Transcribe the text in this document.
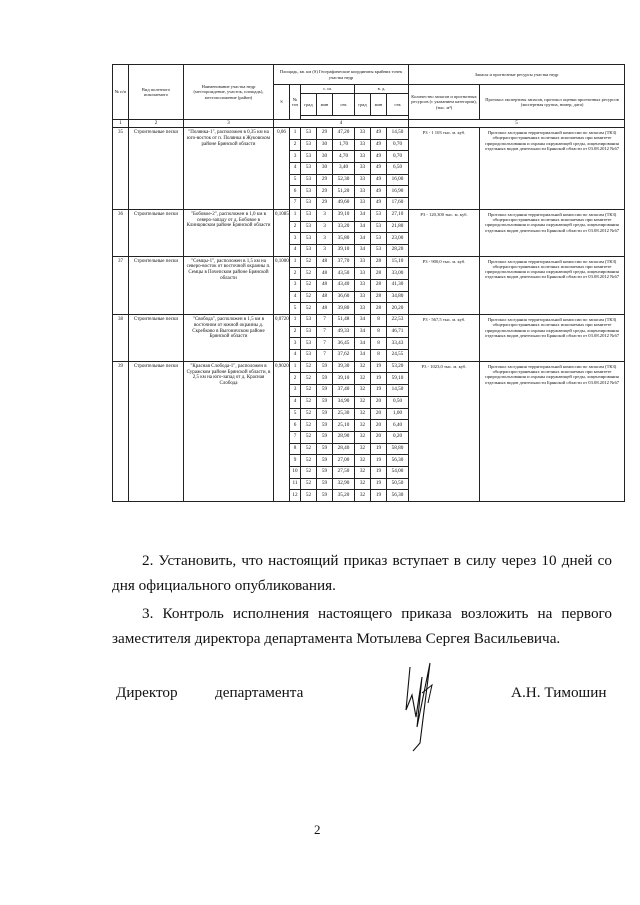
№ п/п	Вид полезного ископаемого	Наименование участка недр (месторождение, участок, площадь), местоположение (район)	Площадь, кв. км (S) Географические координаты крайних точек участка недр								Запасы и прогнозные ресурсы участка недр	
			S	№ точ	с. ш.			в. д.			Количество запасов и прогнозных ресурсов (с указанием категории), (тыс. м³)	Протокол экспертизы запасов, протокол оценки прогнозных ресурсов (экспертная группа, номер, дата)
					град	мин	сек	град	мин	сек		

1	2	3	4								5	
35	Строительные пески	"Полянка-1", расположен в 0,35 км на юго-восток от п. Полянка в Жуковском районе Брянской области	0,06	1	53	29	47,20	33	49	14,50	Р3 - 1 103 тыс. м. куб.	Протокол заседания территориальной комиссии по запасам (ТКЗ) общераспространенных полезных ископаемых при комитете природопользования и охраны окружающей среды, лицензирования отдельных видов деятельности Брянской области от 03.08.2012 №67
				2	53	30	1,70	33	49	0,70		
				3	53	30	4,70	33	49	0,70		
				4	53	30	3,40	33	49	6,50		
				5	53	29	52,30	33	49	16,00		
				6	53	29	51,20	33	49	16,90		
				7	53	29	49,60	33	49	17,60		
36	Строительные пески	"Бобовое-2", расположен в 1,0 км в северо-западу от д. Бобовое в Клинцовском районе Брянской области	0,1085	1	53	3	39,10	34	53	27,10	Р3 - 120,300 тыс. м. куб.	Протокол заседания территориальной комиссии по запасам (ТКЗ) общераспространенных полезных ископаемых при комитете природопользования и охраны окружающей среды, лицензирования отдельных видов деятельности Брянской области от 03.08.2012 №67
				2	53	3	33,20	34	53	21,80		
				3	53	3	35,80	34	53	23,00		
				4	53	3	39,10	34	53	28,20		
37	Строительные пески	"Семцы-1", расположен в 1,5 км на северо-восток от восточной окраины п. Семцы в Почепском районе Брянской области	0,1000	1	52	48	37,70	33	28	15,10	Р3 - 900,0 тыс. м. куб.	Протокол заседания территориальной комиссии по запасам (ТКЗ) общераспространенных полезных ископаемых при комитете природопользования и охраны окружающей среды, лицензирования отдельных видов деятельности Брянской области от 03.08.2012 №67
				2	52	48	43,50	33	28	33,00		
				3	52	48	43,40	33	28	41,30		
				4	52	48	36,60	33	28	34,80		
				5	52	48	39,80	33	28	20,20		
38	Строительные пески	"Свобода", расположен в 1,5 км в восточном от южной окраины д. Скребково в Выгоничском районе Брянской области	0,0720	1	53	7	51,48	34	8	22,53	Р3 - 567,5 тыс. м. куб.	Протокол заседания территориальной комиссии по запасам (ТКЗ) общераспространенных полезных ископаемых при комитете природопользования и охраны окружающей среды, лицензирования отдельных видов деятельности Брянской области от 03.08.2012 №67
				2	53	7	49,33	34	8	46,71		
				3	53	7	36,45	34	8	33,43		
				4	53	7	37,62	34	8	24,55		
39	Строительные пески	"Красная Слобода-1", расположен в Суражском районе Брянской области, в 2,5 км на юго-запад от д. Красная Слобода	0,9020	1	52	59	39,30	32	19	53,20	Р3 - 1023,0 тыс. м. куб.	Протокол заседания территориальной комиссии по запасам (ТКЗ) общераспространенных полезных ископаемых при комитете природопользования и охраны окружающей среды, лицензирования отдельных видов деятельности Брянской области от 03.08.2012 №67
				2	52	59	39,10	32	19	59,10		
				3	52	59	37,40	32	19	14,50		
				4	52	59	34,90	32	20	0,50		
				5	52	59	25,30	32	20	1,00		
				6	52	59	25,10	32	20	6,40		
				7	52	59	28,90	32	20	0,20		
				8	52	59	28,40	32	19	58,80		
				9	52	59	27,00	32	19	56,30		
				10	52	59	27,50	32	19	54,00		
				11	52	59	32,90	32	19	50,50		
				12	52	59	35,20	32	19	56,30		

2. Установить, что настоящий приказ вступает в силу через 10 дней со дня официального опубликования.

3. Контроль исполнения настоящего приказа возложить на первого заместителя директора департамента Мотылева Сергея Васильевича.

Директор департамента	А.Н. Тимошин
2
